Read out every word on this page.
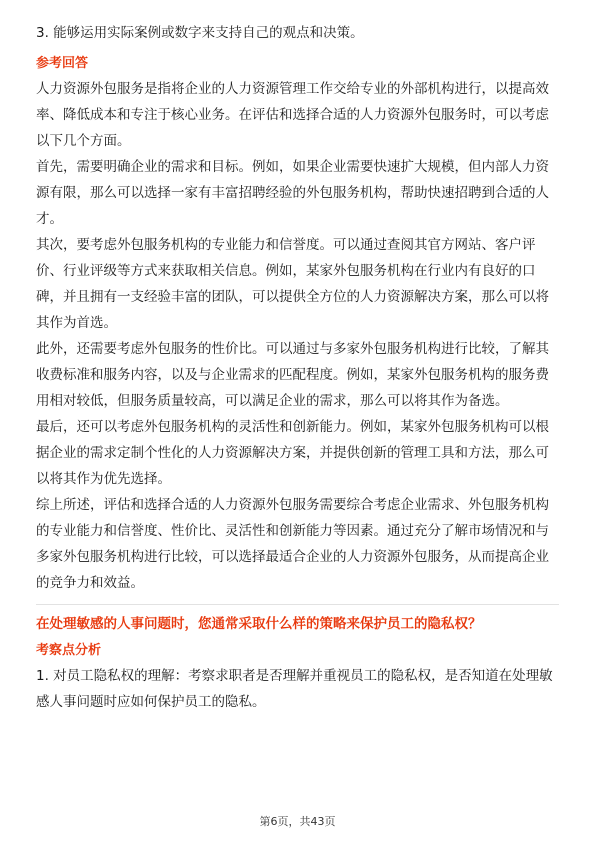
3. 能够运用实际案例或数字来支持自己的观点和决策。

参考回答

人力资源外包服务是指将企业的人力资源管理工作交给专业的外部机构进行，以提高效率、降低成本和专注于核心业务。在评估和选择合适的人力资源外包服务时，可以考虑以下几个方面。

首先，需要明确企业的需求和目标。例如，如果企业需要快速扩大规模，但内部人力资源有限，那么可以选择一家有丰富招聘经验的外包服务机构，帮助快速招聘到合适的人才。

其次，要考虑外包服务机构的专业能力和信誉度。可以通过查阅其官方网站、客户评价、行业评级等方式来获取相关信息。例如，某家外包服务机构在行业内有良好的口碑，并且拥有一支经验丰富的团队，可以提供全方位的人力资源解决方案，那么可以将其作为首选。

此外，还需要考虑外包服务的性价比。可以通过与多家外包服务机构进行比较，了解其收费标准和服务内容，以及与企业需求的匹配程度。例如，某家外包服务机构的服务费用相对较低，但服务质量较高，可以满足企业的需求，那么可以将其作为备选。

最后，还可以考虑外包服务机构的灵活性和创新能力。例如，某家外包服务机构可以根据企业的需求定制个性化的人力资源解决方案，并提供创新的管理工具和方法，那么可以将其作为优先选择。

综上所述，评估和选择合适的人力资源外包服务需要综合考虑企业需求、外包服务机构的专业能力和信誉度、性价比、灵活性和创新能力等因素。通过充分了解市场情况和与多家外包服务机构进行比较，可以选择最适合企业的人力资源外包服务，从而提高企业的竞争力和效益。

在处理敏感的人事问题时，您通常采取什么样的策略来保护员工的隐私权？

考察点分析

1. 对员工隐私权的理解：考察求职者是否理解并重视员工的隐私权，是否知道在处理敏感人事问题时应如何保护员工的隐私。

第6页，共43页
